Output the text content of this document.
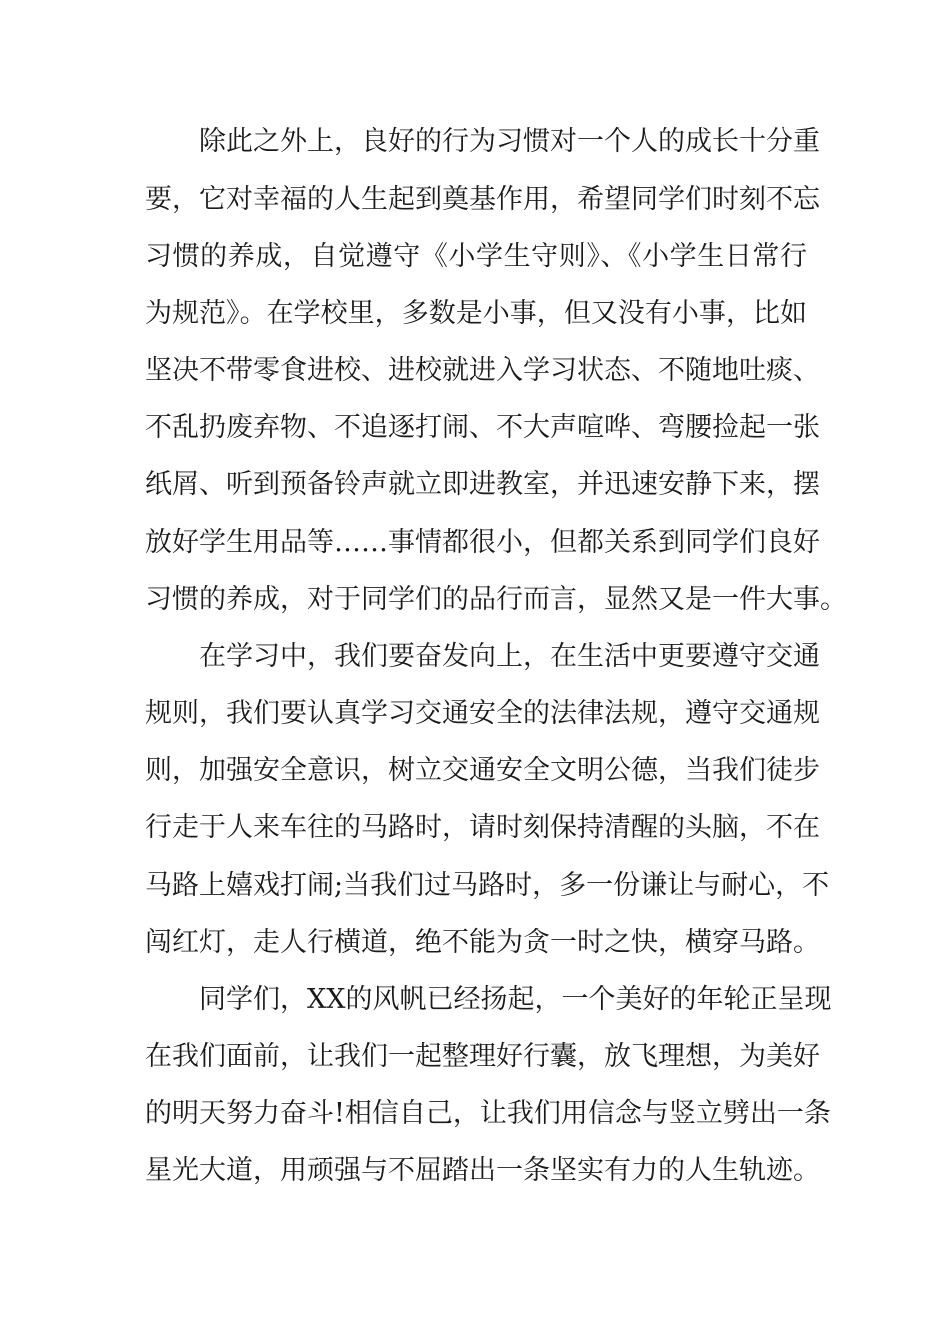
除此之外上，良好的行为习惯对一个人的成长十分重

要，它对幸福的人生起到奠基作用，希望同学们时刻不忘

习惯的养成，自觉遵守《小学生守则》、《小学生日常行

为规范》。在学校里，多数是小事，但又没有小事，比如

坚决不带零食进校、进校就进入学习状态、不随地吐痰、

不乱扔废弃物、不追逐打闹、不大声喧哗、弯腰捡起一张

纸屑、听到预备铃声就立即进教室，并迅速安静下来，摆

放好学生用品等……事情都很小，但都关系到同学们良好

习惯的养成，对于同学们的品行而言，显然又是一件大事。

在学习中，我们要奋发向上，在生活中更要遵守交通

规则，我们要认真学习交通安全的法律法规，遵守交通规

则，加强安全意识，树立交通安全文明公德，当我们徒步

行走于人来车往的马路时，请时刻保持清醒的头脑，不在

马路上嬉戏打闹;当我们过马路时，多一份谦让与耐心，不

闯红灯，走人行横道，绝不能为贪一时之快，横穿马路。

同学们，XX的风帆已经扬起，一个美好的年轮正呈现

在我们面前，让我们一起整理好行囊，放飞理想，为美好

的明天努力奋斗!相信自己，让我们用信念与竖立劈出一条

星光大道，用顽强与不屈踏出一条坚实有力的人生轨迹。
